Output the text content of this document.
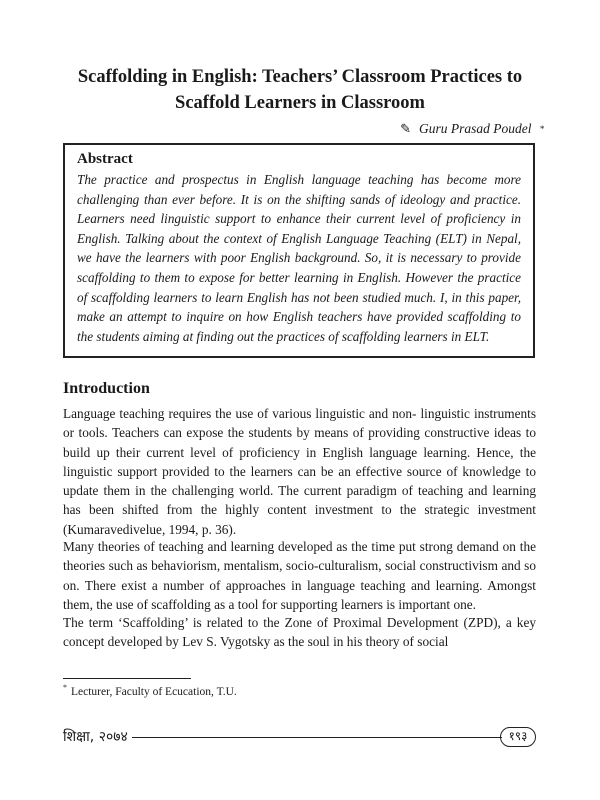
Scaffolding in English: Teachers’ Classroom Practices to
Scaffold Learners in Classroom
✎ Guru Prasad Poudel *

Abstract

The practice and prospectus in English language teaching has become more challenging than ever before. It is on the shifting sands of ideology and practice. Learners need linguistic support to enhance their current level of proficiency in English. Talking about the context of English Language Teaching (ELT) in Nepal, we have the learners with poor English background. So, it is necessary to provide scaffolding to them to expose for better learning in English. However the practice of scaffolding learners to learn English has not been studied much. I, in this paper, make an attempt to inquire on how English teachers have provided scaffolding to the students aiming at finding out the practices of scaffolding learners in ELT.

Introduction

Language teaching requires the use of various linguistic and non- linguistic instruments or tools. Teachers can expose the students by means of providing constructive ideas to build up their current level of proficiency in English language learning. Hence, the linguistic support provided to the learners can be an effective source of knowledge to update them in the challenging world. The current paradigm of teaching and learning has been shifted from the highly content investment to the strategic investment (Kumaravedivelue, 1994, p. 36).

Many theories of teaching and learning developed as the time put strong demand on the theories such as behaviorism, mentalism, socio-culturalism, social constructivism and so on. There exist a number of approaches in language teaching and learning. Amongst them, the use of scaffolding as a tool for supporting learners is important one.

The term ‘Scaffolding’ is related to the Zone of Proximal Development (ZPD), a key concept developed by Lev S. Vygotsky as the soul in his theory of social

* Lecturer, Faculty of Ecucation, T.U.

शिक्षा, २०७४	१९३
